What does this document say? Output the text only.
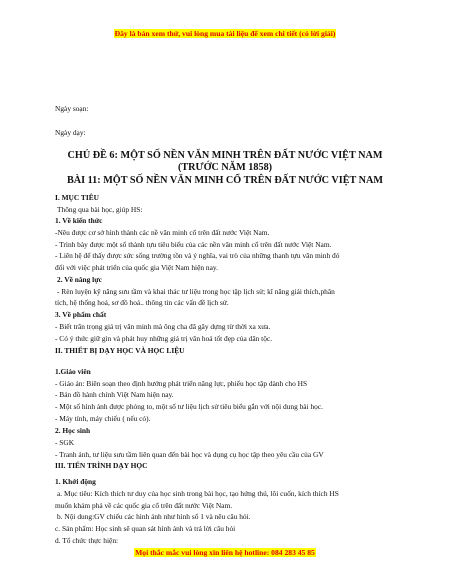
Đây là bản xem thử, vui lòng mua tài liệu để xem chi tiết (có lời giải)
Ngày soạn:
Ngày dạy:
CHỦ ĐỀ 6: MỘT SỐ NỀN VĂN MINH TRÊN ĐẤT NƯỚC VIỆT NAM
(TRƯỚC NĂM 1858)
BÀI 11: MỘT SỐ NỀN VĂN MINH CỔ TRÊN ĐẤT NƯỚC VIỆT NAM
I. MỤC TIÊU
Thông qua bài học, giúp HS:
1. Về kiến thức
-Nêu được cơ sở hình thành các nề văn minh cổ trên đất nước Việt Nam.
- Trình bày được một số thành tựu tiêu biểu của các nền văn minh cổ trên đất nước Việt Nam.
- Liên hệ để thấy được sức sống trường tồn và ý nghĩa, vai trò của những thanh tựu văn minh đó
đối với việc phát triển của quốc gia Việt Nam hiện nay.
2. Về năng lực
- Rèn luyện kỹ năng sưu tầm và khai thác tư liệu trong học tập lịch sử; kĩ năng giải thích,phân
tích, hệ thống hoá, sơ đồ hoá.. thông tin các vấn đề lịch sử.
3. Về phẩm chất
- Biết trân trọng giá trị văn minh mà ông cha đã gây dựng từ thời xa xưa.
- Có ý thức giữ gìn và phát huy những giá trị văn hoá tốt đẹp của dân tộc.
II. THIẾT BỊ DẠY HỌC VÀ HỌC LIỆU
1.Giáo viên
- Giáo án: Biên soạn theo định hướng phát triển năng lực, phiếu học tập dành cho HS
- Bản đồ hành chính Việt Nam hiện nay.
- Một số hình ảnh được phóng to, một số tư liệu lịch sử tiêu biểu gắn với nội dung bài học.
- Máy tính, máy chiếu ( nếu có).
2. Học sinh
- SGK
- Tranh ảnh, tư liệu sưu tầm liên quan đến bài học và dụng cụ học tập theo yêu cầu của GV
III. TIẾN TRÌNH DẠY HỌC
1. Khởi động
a. Mục tiêu: Kích thích tư duy của học sinh trong bài học, tạo hứng thú, lôi cuốn, kích thích HS
muốn khám phá về các quốc gia cổ trên đất nước Việt Nam.
b. Nội dung:GV chiếu các hình ảnh như hình số 1 và nêu câu hỏi.
c. Sản phẩm: Học sinh sẽ quan sát hình ảnh và trả lời câu hỏi
d. Tổ chức thực hiện:
Mọi thắc mắc vui lòng xin liên hệ hotline: 084 283 45 85
